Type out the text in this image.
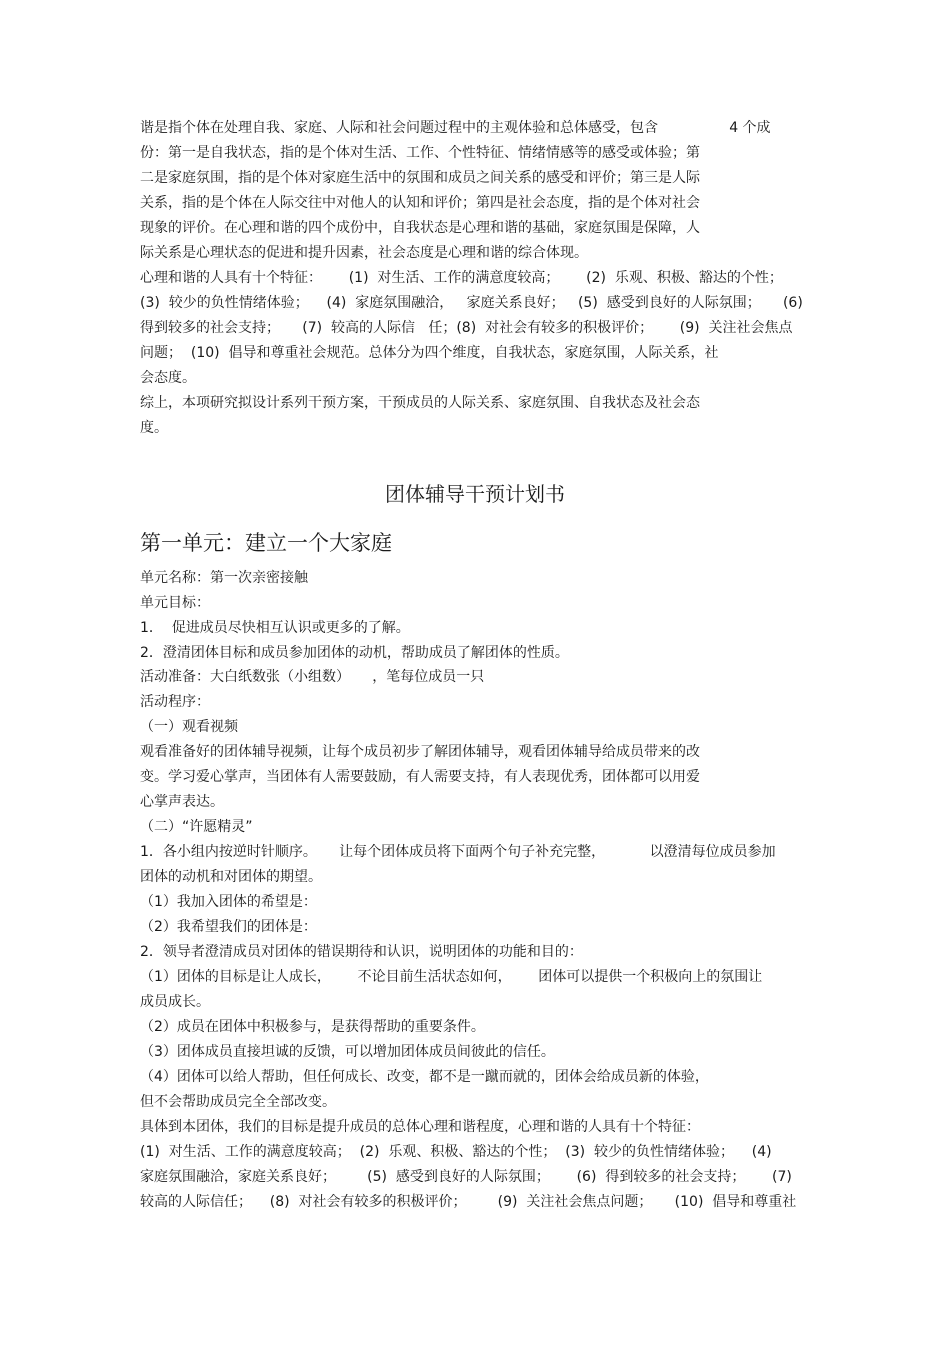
谐是指个体在处理自我、家庭、人际和社会问题过程中的主观体验和总体感受，包含                4 个成
份：第一是自我状态，指的是个体对生活、工作、个性特征、情绪情感等的感受或体验；第
二是家庭氛围，指的是个体对家庭生活中的氛围和成员之间关系的感受和评价；第三是人际
关系，指的是个体在人际交往中对他人的认知和评价；第四是社会态度，指的是个体对社会
现象的评价。在心理和谐的四个成份中，自我状态是心理和谐的基础，家庭氛围是保障，人
际关系是心理状态的促进和提升因素，社会态度是心理和谐的综合体现。
心理和谐的人具有十个特征：      (1)  对生活、工作的满意度较高；      (2)  乐观、积极、豁达的个性；
(3)  较少的负性情绪体验；    (4)  家庭氛围融洽，   家庭关系良好；   (5)  感受到良好的人际氛围；     (6)
得到较多的社会支持；     (7)  较高的人际信   任；(8)  对社会有较多的积极评价；      (9)  关注社会焦点
问题；  (10)  倡导和尊重社会规范。总体分为四个维度，自我状态，家庭氛围，人际关系，社
会态度。
综上，本项研究拟设计系列干预方案，干预成员的人际关系、家庭氛围、自我状态及社会态
度。
团体辅导干预计划书
第一单元：建立一个大家庭
单元名称：第一次亲密接触
单元目标：
1．  促进成员尽快相互认识或更多的了解。
2．澄清团体目标和成员参加团体的动机，帮助成员了解团体的性质。
活动准备：大白纸数张（小组数）     ，笔每位成员一只
活动程序：
（一）观看视频
观看准备好的团体辅导视频，让每个成员初步了解团体辅导，观看团体辅导给成员带来的改
变。学习爱心掌声，当团体有人需要鼓励，有人需要支持，有人表现优秀，团体都可以用爱
心掌声表达。
（二）“许愿精灵”
1．各小组内按逆时针顺序。     让每个团体成员将下面两个句子补充完整，          以澄清每位成员参加
团体的动机和对团体的期望。
（1）我加入团体的希望是：
（2）我希望我们的团体是：
2．领导者澄清成员对团体的错误期待和认识，说明团体的功能和目的：
（1）团体的目标是让人成长，      不论目前生活状态如何，      团体可以提供一个积极向上的氛围让
成员成长。
（2）成员在团体中积极参与，是获得帮助的重要条件。
（3）团体成员直接坦诚的反馈，可以增加团体成员间彼此的信任。
（4）团体可以给人帮助，但任何成长、改变，都不是一蹴而就的，团体会给成员新的体验，
但不会帮助成员完全全部改变。
具体到本团体，我们的目标是提升成员的总体心理和谐程度，心理和谐的人具有十个特征：
(1)  对生活、工作的满意度较高；  (2)  乐观、积极、豁达的个性；  (3)  较少的负性情绪体验；    (4)
家庭氛围融洽，家庭关系良好；       (5)  感受到良好的人际氛围；      (6)  得到较多的社会支持；      (7)
较高的人际信任；    (8)  对社会有较多的积极评价；       (9)  关注社会焦点问题；     (10)  倡导和尊重社
